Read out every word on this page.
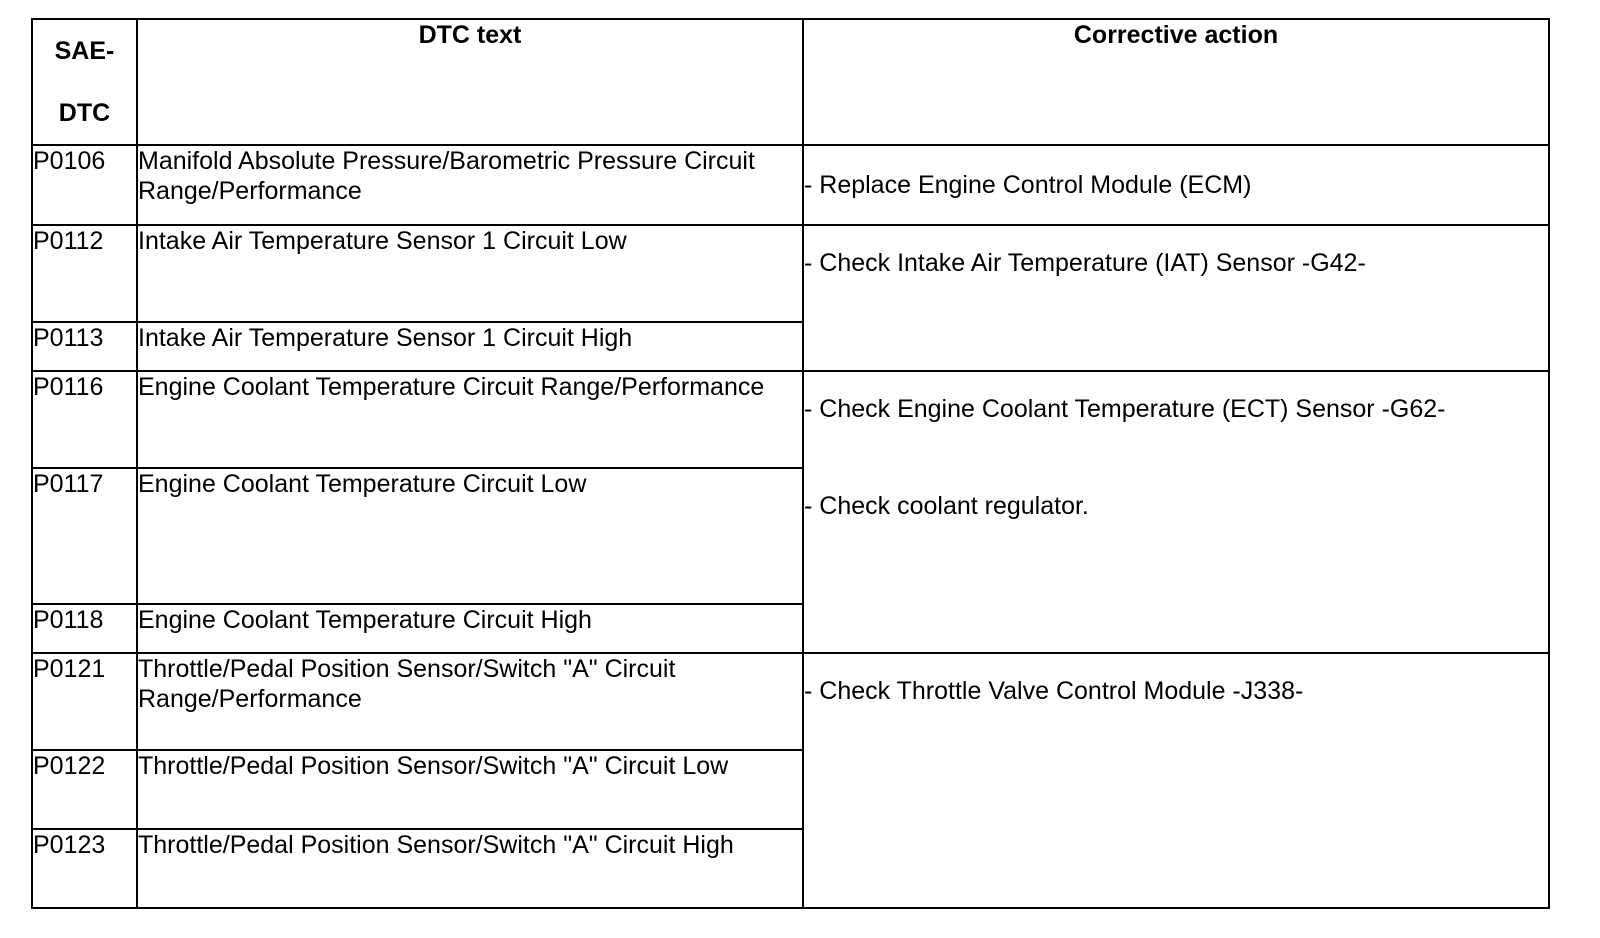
SAE-
DTC	DTC text	Corrective action
P0106	Manifold Absolute Pressure/Barometric Pressure Circuit Range/Performance	- Replace Engine Control Module (ECM)

P0112	Intake Air Temperature Sensor 1 Circuit Low	- Check Intake Air Temperature (IAT) Sensor -G42-

P0113	Intake Air Temperature Sensor 1 Circuit High	
P0116	Engine Coolant Temperature Circuit Range/Performance	- Check Engine Coolant Temperature (ECT) Sensor -G62-
- Check coolant regulator.

P0117	Engine Coolant Temperature Circuit Low	
P0118	Engine Coolant Temperature Circuit High	
P0121	Throttle/Pedal Position Sensor/Switch "A" Circuit Range/Performance	- Check Throttle Valve Control Module -J338-

P0122	Throttle/Pedal Position Sensor/Switch "A" Circuit Low	
P0123	Throttle/Pedal Position Sensor/Switch "A" Circuit High	
